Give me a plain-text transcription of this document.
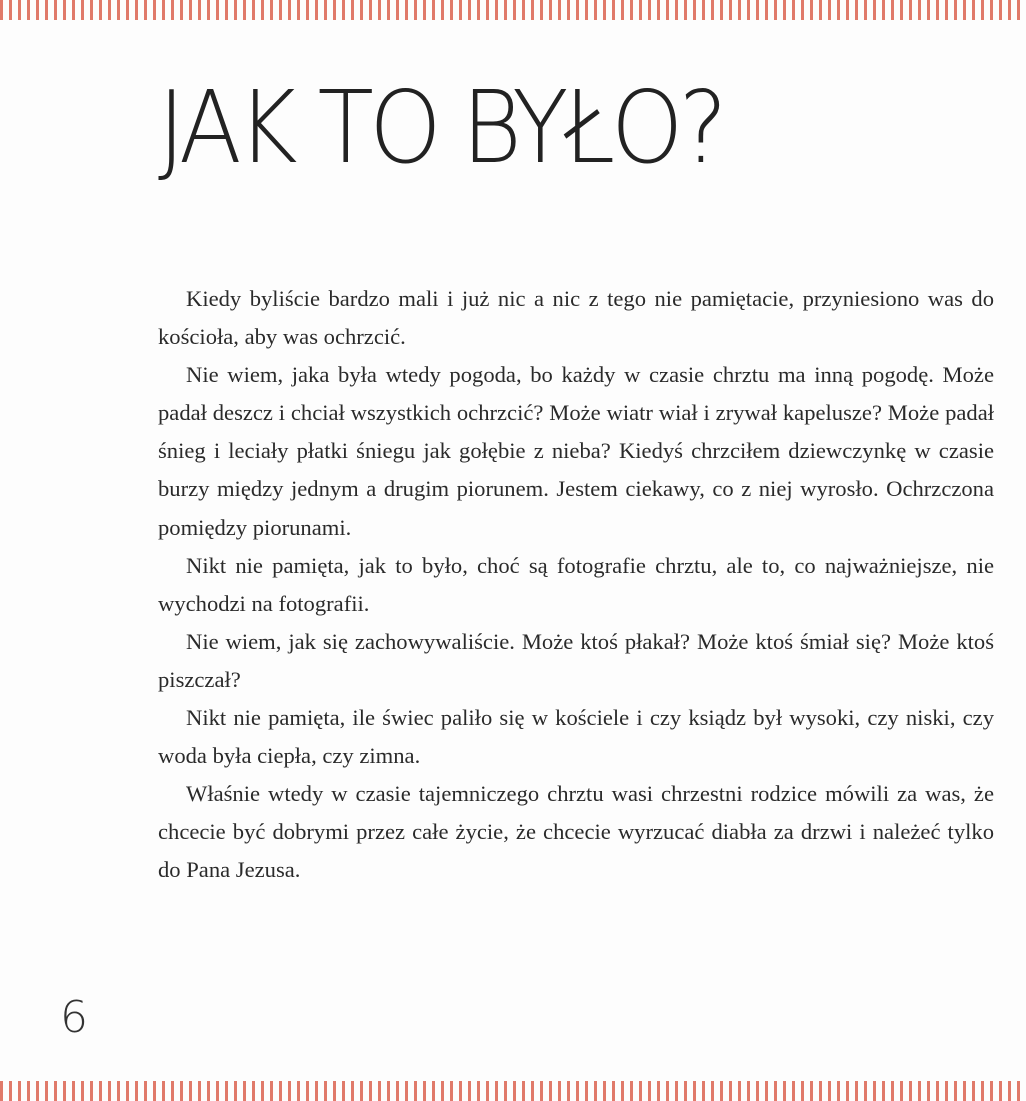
JAK TO BYŁO?

Kiedy byliście bardzo mali i już nic a nic z tego nie pamiętacie, przyniesiono was do kościoła, aby was ochrzcić.

Nie wiem, jaka była wtedy pogoda, bo każdy w czasie chrztu ma inną pogodę. Może padał deszcz i chciał wszystkich ochrzcić? Może wiatr wiał i zrywał kapelusze? Może padał śnieg i leciały płatki śniegu jak gołębie z nieba? Kiedyś chrzciłem dziewczynkę w czasie burzy między jednym a drugim piorunem. Jestem ciekawy, co z niej wyrosło. Ochrzczona pomiędzy piorunami.

Nikt nie pamięta, jak to było, choć są fotografie chrztu, ale to, co najważniejsze, nie wychodzi na fotografii.

Nie wiem, jak się zachowywaliście. Może ktoś płakał? Może ktoś śmiał się? Może ktoś piszczał?

Nikt nie pamięta, ile świec paliło się w kościele i czy ksiądz był wysoki, czy niski, czy woda była ciepła, czy zimna.

Właśnie wtedy w czasie tajemniczego chrztu wasi chrzestni rodzice mówili za was, że chcecie być dobrymi przez całe życie, że chcecie wyrzucać diabła za drzwi i należeć tylko do Pana Jezusa.

6
